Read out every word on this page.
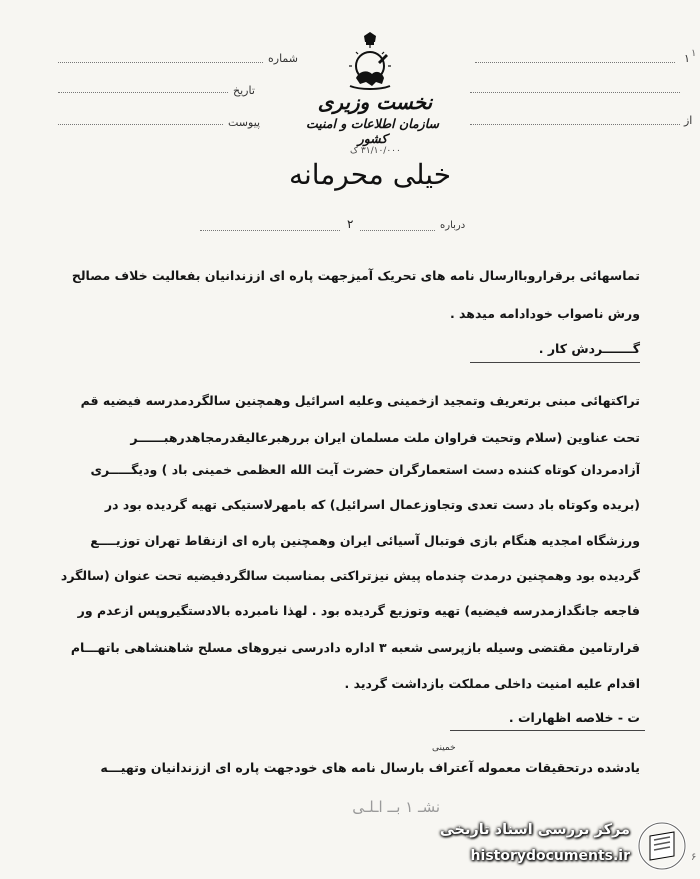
شماره
تاریخ
پیوست
۱
از
نخست وزیری
سازمان اطلاعات و امنیت کشور
۳۱/۱۰/۰۰۰ ک
خیلی محرمانه
درباره
۲
تماسهائی برقراروباارسال نامه های تحریک آمیزجهت پاره ای اززندانیان بفعالیت خلاف مصالح
ورش ناصواب خودادامه میدهد .
گـــــــردش کار .
تراکتهائی مبنی برتعریف وتمجید ازخمینی وعلیه اسرائیل وهمچنین سالگردمدرسه فیضیه قم
تحت عناوین (سلام وتحیت فراوان ملت مسلمان ایران بررهبرعالیقدرمجاهدرهبــــــر
آزادمردان کوتاه کننده دست استعمارگران حضرت آیت الله العظمی خمینی باد ) ودیگـــــری
(بریده وکوتاه باد دست تعدی وتجاوزعمال اسرائیل) که بامهرلاستیکی تهیه گردیده بود در
ورزشگاه امجدیه هنگام بازی فوتبال آسیائی ایران وهمچنین پاره ای ازنقاط تهران توزیــــع
گردیده بود وهمچنین درمدت چندماه پیش نیزتراکتی بمناسبت سالگردفیضیه تحت عنوان (سالگرد
فاجعه جانگدازمدرسه فیضیه) تهیه وتوزیع گردیده بود . لهذا نامبرده بالادستگیروپس ازعدم ور
قرارتامین مقتضی وسیله بازپرسی شعبه ۳ اداره دادرسی نیروهای مسلح شاهنشاهی باتهـــام
اقدام علیه امنیت داخلی مملکت بازداشت گردید .
ت - خلاصه اظهارات .
خمینی
یادشده درتحقیقات معموله آعتراف بارسال نامه های خودجهت پاره ای اززندانیان وتهیـــه
نشـ ۱ بــ اـلـی
۱
۶
مرکز بررسی اسناد تاریخی
historydocuments.ir
